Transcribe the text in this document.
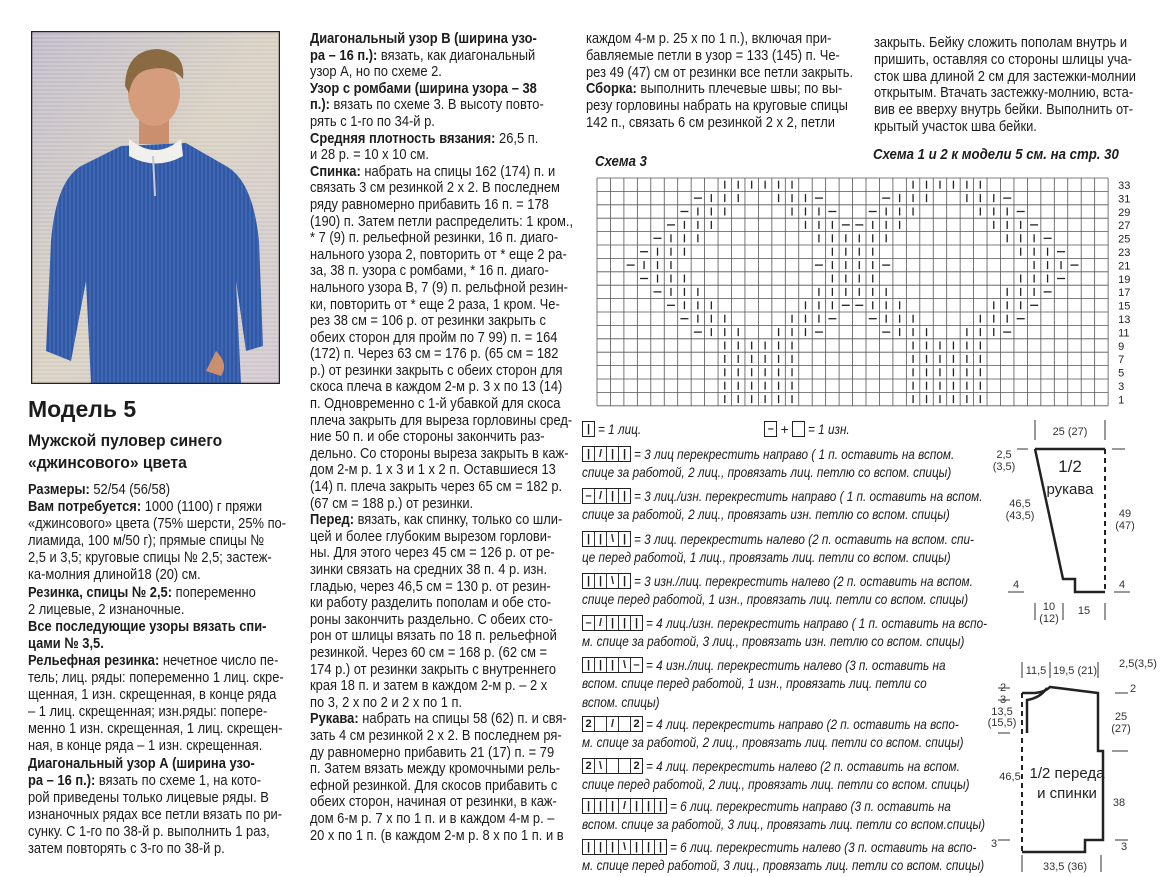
Модель 5
Мужской пуловер синего
«джинсового» цвета
Размеры: 52/54 (56/58)
Вам потребуется: 1000 (1100) г пряжи
«джинсового» цвета (75% шерсти, 25% по-
лиамида, 100 м/50 г); прямые спицы №
2,5 и 3,5; круговые спицы № 2,5; застеж-
ка-молния длиной18 (20) см.
Резинка, спицы № 2,5: попеременно
2 лицевые, 2 изнаночные.
Все последующие узоры вязать спи-
цами № 3,5.
Рельефная резинка: нечетное число пе-
тель; лиц. ряды: попеременно 1 лиц. скре-
щенная, 1 изн. скрещенная, в конце ряда
– 1 лиц. скрещенная; изн.ряды: попере-
менно 1 изн. скрещенная, 1 лиц. скрещен-
ная, в конце ряда – 1 изн. скрещенная.
Диагональный узор А (ширина узо-
ра – 16 п.): вязать по схеме 1, на кото-
рой приведены только лицевые ряды. В
изнаночных рядах все петли вязать по ри-
сунку. С 1-го по 38-й р. выполнить 1 раз,
затем повторять с 3-го по 38-й р.
Диагональный узор В (ширина узо-
ра – 16 п.): вязать, как диагональный
узор А, но по схеме 2.
Узор с ромбами (ширина узора – 38
п.): вязать по схеме 3. В высоту повто-
рять с 1-го по 34-й р.
Средняя плотность вязания: 26,5 п.
и 28 р. = 10 х 10 см.
Спинка: набрать на спицы 162 (174) п. и
связать 3 см резинкой 2 х 2. В последнем
ряду равномерно прибавить 16 п. = 178
(190) п. Затем петли распределить: 1 кром.,
* 7 (9) п. рельефной резинки, 16 п. диаго-
нального узора 2, повторить от * еще 2 ра-
за, 38 п. узора с ромбами, * 16 п. диаго-
нального узора В, 7 (9) п. рельфной резин-
ки, повторить от * еще 2 раза, 1 кром. Че-
рез 38 см = 106 р. от резинки закрыть с
обеих сторон для пройм по 7 99) п. = 164
(172) п. Через 63 см = 176 р. (65 см = 182
р.) от резинки закрыть с обеих сторон для
скоса плеча в каждом 2-м р. 3 х по 13 (14)
п. Одновременно с 1-й убавкой для скоса
плеча закрыть для выреза горловины сред-
ние 50 п. и обе стороны закончить раз-
дельно. Со стороны выреза закрыть в каж-
дом 2-м р. 1 х 3 и 1 х 2 п. Оставшиеся 13
(14) п. плеча закрыть через 65 см = 182 р.
(67 см = 188 р.) от резинки.
Перед: вязать, как спинку, только со шли-
цей и более глубоким вырезом горлови-
ны. Для этого через 45 см = 126 р. от ре-
зинки связать на средних 38 п. 4 р. изн.
гладью, через 46,5 см = 130 р. от резин-
ки работу разделить пополам и обе сто-
роны закончить раздельно. С обеих сто-
рон от шлицы вязать по 18 п. рельефной
резинкой. Через 60 см = 168 р. (62 см =
174 р.) от резинки закрыть с внутреннего
края 18 п. и затем в каждом 2-м р. – 2 х
по 3, 2 х по 2 и 2 х по 1 п.
Рукава: набрать на спицы 58 (62) п. и свя-
зать 4 см резинкой 2 х 2. В последнем ря-
ду равномерно прибавить 21 (17) п. = 79
п. Затем вязать между кромочными рель-
ефной резинкой. Для скосов прибавить с
обеих сторон, начиная от резинки, в каж-
дом 6-м р. 7 х по 1 п. и в каждом 4-м р. –
20 х по 1 п. (в каждом 2-м р. 8 х по 1 п. и в
каждом 4-м р. 25 х по 1 п.), включая при-
бавляемые петли в узор = 133 (145) п. Че-
рез 49 (47) см от резинки все петли закрыть.
Сборка: выполнить плечевые швы; по вы-
резу горловины набрать на круговые спицы
142 п., связать 6 см резинкой 2 х 2, петли
закрыть. Бейку сложить пополам внутрь и
пришить, оставляя со стороны шлицы уча-
сток шва длиной 2 см для застежки-молнии
открытым. Втачать застежку-молнию, вста-
вив ее вверху внутрь бейки. Выполнить от-
крытый участок шва бейки.
Схема 3	Схема 1 и 2 к модели 5 см. на стр. 30
33
31
29
27
25
23
21
19
17
15
13
11
9
7
5
3
1
| = 1 лиц.	– + = 1 изн.
| / | | = 3 лиц перекрестить направо ( 1 п. оставить на вспом.
спице за работой, 2 лиц., провязать лиц. петлю со вспом. спицы)
– / | | = 3 лиц./изн. перекрестить направо ( 1 п. оставить на вспом.
спице за работой, 2 лиц., провязать изн. петлю со вспом. спицы)
| | \ | = 3 лиц. перекрестить налево (2 п. оставить на вспом. спи-
це перед работой, 1 лиц., провязать лиц. петли со вспом. спицы)
| | \ | = 3 изн./лиц. перекрестить налево (2 п. оставить на вспом.
спице перед работой, 1 изн., провязать лиц. петли со вспом. спицы)
– / | | | = 4 лиц./изн. перекрестить направо ( 1 п. оставить на вспо-
м. спице за работой, 3 лиц., провязать изн. петлю со вспом. спицы)
| | | \ – = 4 изн./лиц. перекрестить налево (3 п. оставить на
вспом. спице перед работой, 1 изн., провязать лиц. петли со
вспом. спицы)
2	/	2 = 4 лиц. перекрестить направо (2 п. оставить на вспо-
м. спице за работой, 2 лиц., провязать лиц. петли со вспом. спицы)
2 \	2 = 4 лиц. перекрестить налево (2 п. оставить на вспом.
спице перед работой, 2 лиц., провязать лиц. петли со вспом. спицы)
| | | / | | | = 6 лиц. перекрестить направо (3 п. оставить на
вспом. спице за работой, 3 лиц., провязать лиц. петли со вспом.спицы)
| | | \ | | | = 6 лиц. перекрестить налево (3 п. оставить на вспо-
м. спице перед работой, 3 лиц., провязать лиц. петли со вспом. спицы)
25 (27)
2,5
(3,5)
46,5
(43,5)	49
(47)
4	4
10
(12)
15
1/2
рукава
11,5 19,5 (21)
2,5(3,5)
2
3
13,5
(15,5)
46,5
2
25
(27)
38
3	3
33,5 (36)
1/2 переда
и спинки
